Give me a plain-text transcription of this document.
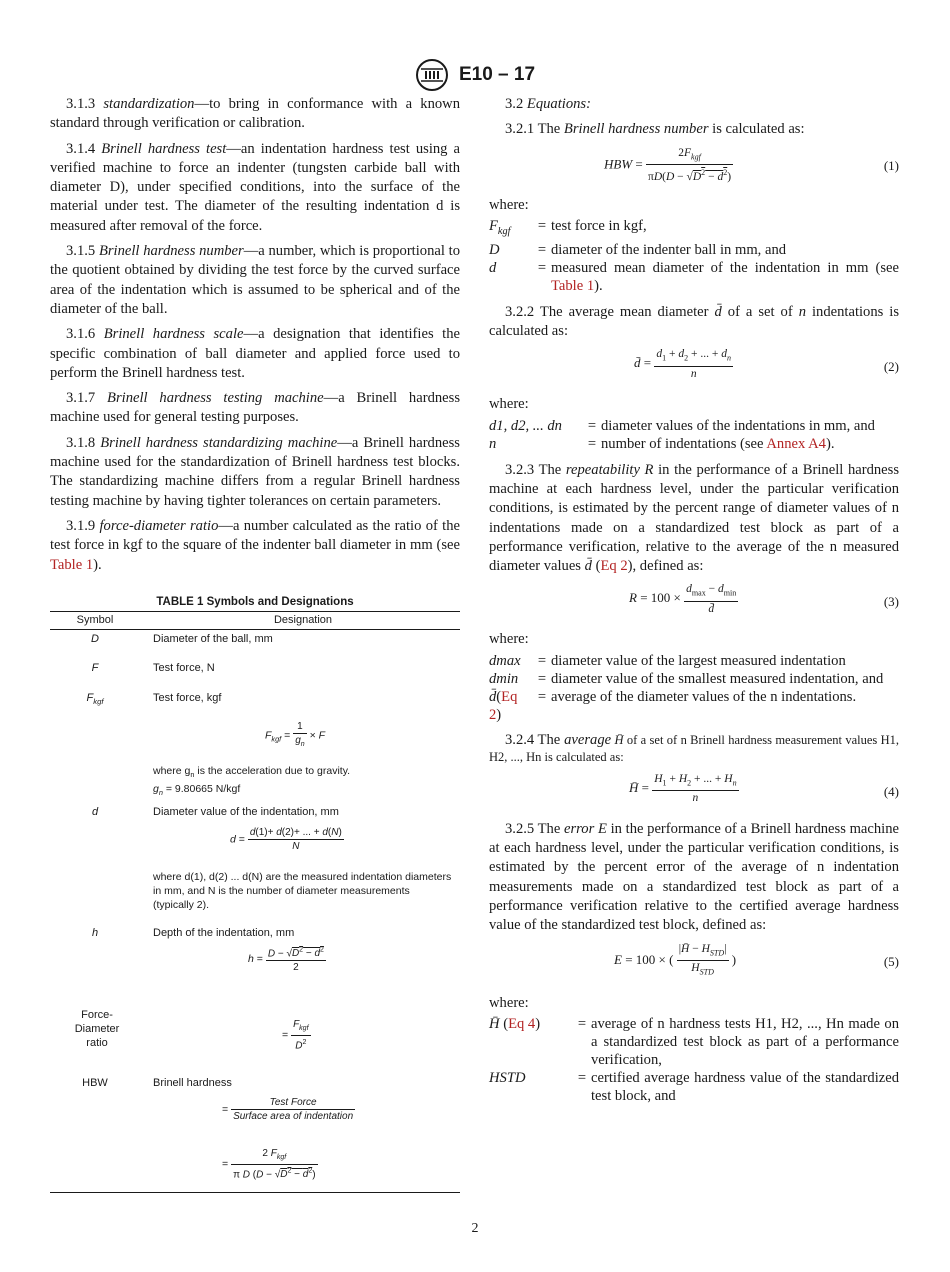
E10 – 17

3.1.3 standardization—to bring in conformance with a known standard through verification or calibration.

3.1.4 Brinell hardness test—an indentation hardness test using a verified machine to force an indenter (tungsten carbide ball with diameter D), under specified conditions, into the surface of the material under test. The diameter of the resulting indentation d is measured after removal of the force.

3.1.5 Brinell hardness number—a number, which is proportional to the quotient obtained by dividing the test force by the curved surface area of the indentation which is assumed to be spherical and of the diameter of the ball.

3.1.6 Brinell hardness scale—a designation that identifies the specific combination of ball diameter and applied force used to perform the Brinell hardness test.

3.1.7 Brinell hardness testing machine—a Brinell hardness machine used for general testing purposes.

3.1.8 Brinell hardness standardizing machine—a Brinell hardness machine used for the standardization of Brinell hardness test blocks. The standardizing machine differs from a regular Brinell hardness testing machine by having tighter tolerances on certain parameters.

3.1.9 force-diameter ratio—a number calculated as the ratio of the test force in kgf to the square of the indenter ball diameter in mm (see Table 1).

TABLE 1 Symbols and Designations
Symbol	Designation
D	Diameter of the ball, mm
F	Test force, N
$F_{kgf}$	Test force, kgf
$F_{kgf} = \frac{1}{g_n} \times F$
where $g_n$ is the acceleration due to gravity.
$g_n = 9.80665$ N/kgf
d	Diameter value of the indentation, mm
$d = \frac{d(1)+ d(2)+ ... + d(N)}{N}$
where d(1), d(2) ... d(N) are the measured indentation diameters in mm, and N is the number of diameter measurements (typically 2).
h	Depth of the indentation, mm
$h = \frac{D - √D^2 - d^2}{2}$
Force-Diameter ratio
= $\frac{F_{kgf}}{D^2}$
HBW	Brinell hardness
= $\frac{\text{Test Force}}{\text{Surface area of indentation}}$
= $\frac{2 F_{kgf}}{\pi D (D - √D^2 - d^2)}$

3.2 Equations:

3.2.1 The Brinell hardness number is calculated as:

HBW = $\frac{2F_{kgf}}{\pi D(D - √D^2 - d^2)}$	(1)

where:

$F_{kgf}$	=	test force in kgf,
D	=	diameter of the indenter ball in mm, and
d	=	measured mean diameter of the indentation in mm (see Table 1).

3.2.2 The average mean diameter d̄ of a set of n indentations is calculated as:

d̄ = $\frac{d_1 + d_2 + ... + d_n}{n}$	(2)

where:

d1, d2, ... dn	=	diameter values of the indentations in mm, and
n	=	number of indentations (see Annex A4).

3.2.3 The repeatability R in the performance of a Brinell hardness machine at each hardness level, under the particular verification conditions, is estimated by the percent range of diameter values of n indentations made on a standardized test block as part of a performance verification, relative to the average of the n measured diameter values d̄ (Eq 2), defined as:

$R = 100 \times \frac{d_{max} - d_{min}}{d̄}$	(3)

where:

dmax	=	diameter value of the largest measured indentation
dmin	=	diameter value of the smallest measured indentation, and
d̄(Eq 2)	=	average of the diameter values of the n indentations.

3.2.4 The average H̄ of a set of n Brinell hardness measurement values H1, H2, ..., Hn is calculated as:

H̄ = $\frac{H_1 + H_2 + ... + H_n}{n}$	(4)

3.2.5 The error E in the performance of a Brinell hardness machine at each hardness level, under the particular verification conditions, is estimated by the percent error of the average of n indentation measurements made on a standardized test block as part of a performance verification relative to the certified average hardness value of the standardized test block, defined as:

E = 100 × ( $\frac{|H̄ - H_{STD}|}{H_{STD}}$ )	(5)

where:

H̄ (Eq 4)	=	average of n hardness tests H1, H2, ..., Hn made on a standardized test block as part of a performance verification,
HSTD	=	certified average hardness value of the standardized test block, and
2
